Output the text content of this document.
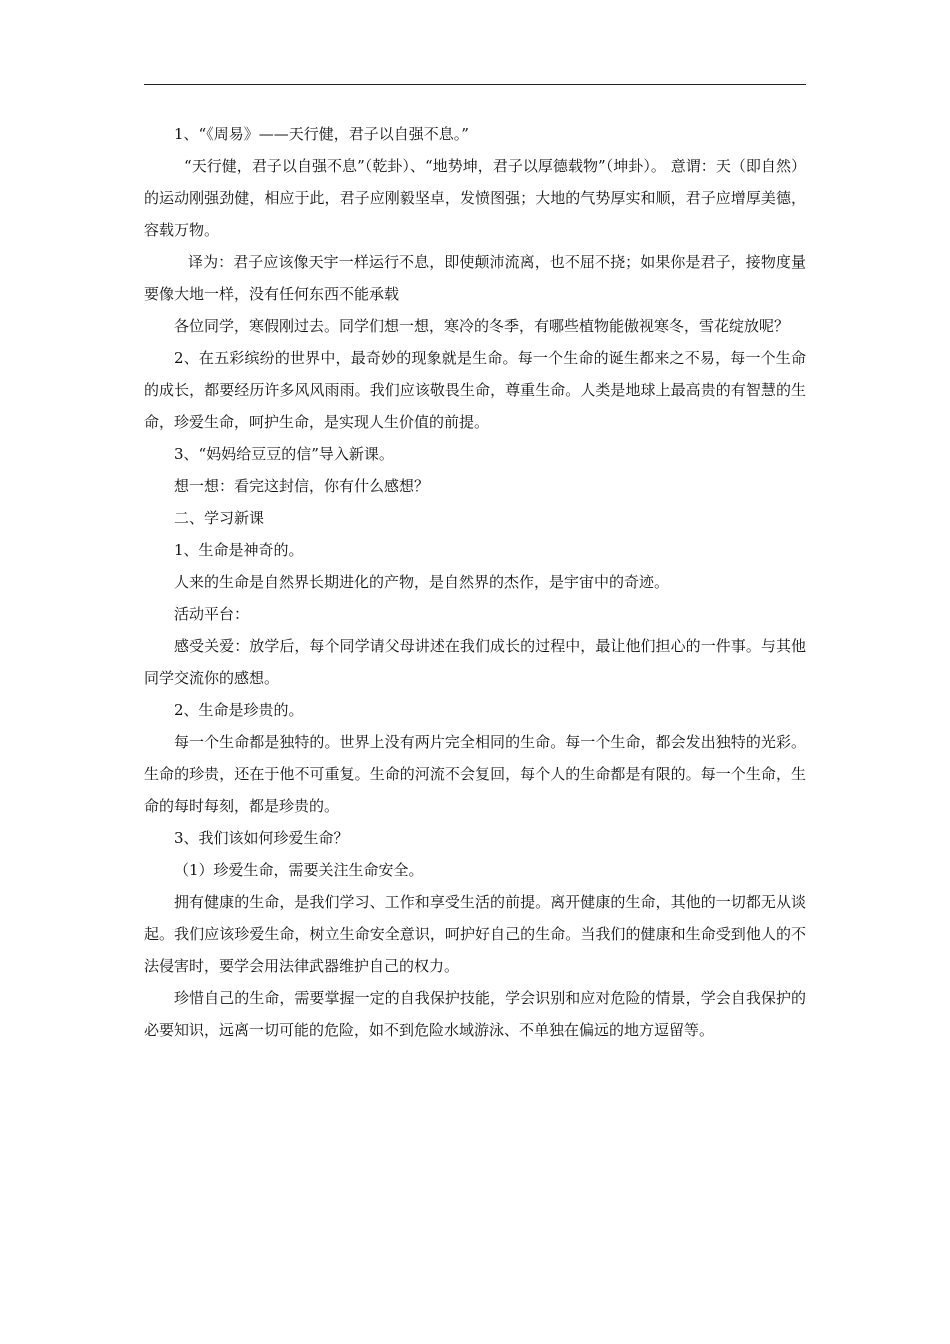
1、“《周易》——天行健，君子以自强不息。”

“天行健，君子以自强不息”（乾卦）、“地势坤，君子以厚德载物”（坤卦）。 意谓：天（即自然）的运动刚强劲健，相应于此，君子应刚毅坚卓，发愤图强；大地的气势厚实和顺，君子应增厚美德，容载万物。

译为：君子应该像天宇一样运行不息，即使颠沛流离，也不屈不挠；如果你是君子，接物度量要像大地一样，没有任何东西不能承载

各位同学，寒假刚过去。同学们想一想，寒冷的冬季，有哪些植物能傲视寒冬，雪花绽放呢？

2、在五彩缤纷的世界中，最奇妙的现象就是生命。每一个生命的诞生都来之不易，每一个生命的成长，都要经历许多风风雨雨。我们应该敬畏生命，尊重生命。人类是地球上最高贵的有智慧的生命，珍爱生命，呵护生命，是实现人生价值的前提。

3、“妈妈给豆豆的信”导入新课。

想一想：看完这封信，你有什么感想？

二、学习新课

1、生命是神奇的。

人来的生命是自然界长期进化的产物，是自然界的杰作，是宇宙中的奇迹。

活动平台：

感受关爱：放学后，每个同学请父母讲述在我们成长的过程中，最让他们担心的一件事。与其他同学交流你的感想。

2、生命是珍贵的。

每一个生命都是独特的。世界上没有两片完全相同的生命。每一个生命，都会发出独特的光彩。生命的珍贵，还在于他不可重复。生命的河流不会复回，每个人的生命都是有限的。每一个生命，生命的每时每刻，都是珍贵的。

3、我们该如何珍爱生命？

（1）珍爱生命，需要关注生命安全。

拥有健康的生命，是我们学习、工作和享受生活的前提。离开健康的生命，其他的一切都无从谈起。我们应该珍爱生命，树立生命安全意识，呵护好自己的生命。当我们的健康和生命受到他人的不法侵害时，要学会用法律武器维护自己的权力。

珍惜自己的生命，需要掌握一定的自我保护技能，学会识别和应对危险的情景，学会自我保护的必要知识，远离一切可能的危险，如不到危险水域游泳、不单独在偏远的地方逗留等。
